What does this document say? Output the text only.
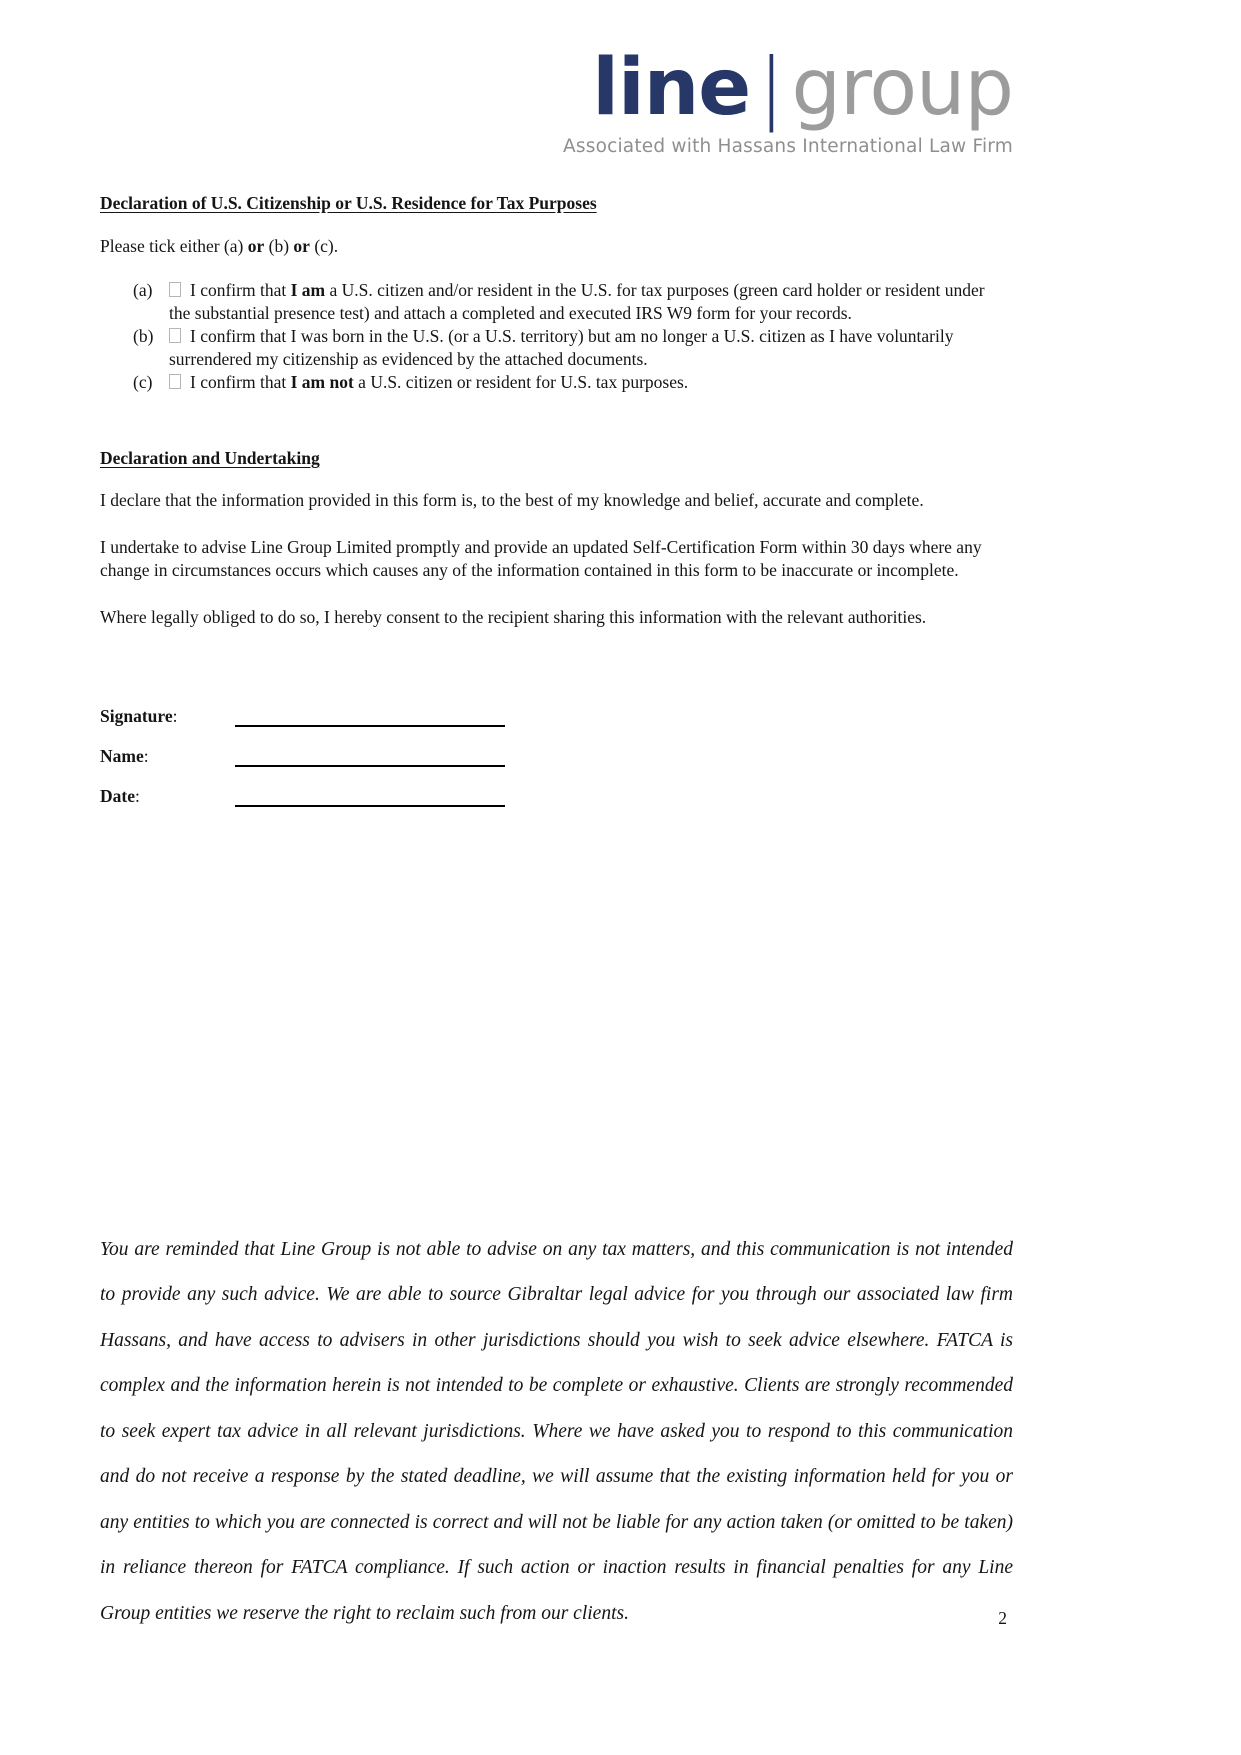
line | group
Associated with Hassans International Law Firm
Declaration of U.S. Citizenship or U.S. Residence for Tax Purposes

Please tick either (a) or (b) or (c).

(a)	I confirm that I am a U.S. citizen and/or resident in the U.S. for tax purposes (green card holder or resident under the substantial presence test) and attach a completed and executed IRS W9 form for your records.
(b)	I confirm that I was born in the U.S. (or a U.S. territory) but am no longer a U.S. citizen as I have voluntarily surrendered my citizenship as evidenced by the attached documents.
(c)	I confirm that I am not a U.S. citizen or resident for U.S. tax purposes.
Declaration and Undertaking

I declare that the information provided in this form is, to the best of my knowledge and belief, accurate and complete.

I undertake to advise Line Group Limited promptly and provide an updated Self-Certification Form within 30 days where any change in circumstances occurs which causes any of the information contained in this form to be inaccurate or incomplete.

Where legally obliged to do so, I hereby consent to the recipient sharing this information with the relevant authorities.

Signature:
Name:
Date:

You are reminded that Line Group is not able to advise on any tax matters, and this communication is not intended to provide any such advice. We are able to source Gibraltar legal advice for you through our associated law firm Hassans, and have access to advisers in other jurisdictions should you wish to seek advice elsewhere. FATCA is complex and the information herein is not intended to be complete or exhaustive. Clients are strongly recommended to seek expert tax advice in all relevant jurisdictions. Where we have asked you to respond to this communication and do not receive a response by the stated deadline, we will assume that the existing information held for you or any entities to which you are connected is correct and will not be liable for any action taken (or omitted to be taken) in reliance thereon for FATCA compliance. If such action or inaction results in financial penalties for any Line Group entities we reserve the right to reclaim such from our clients.	2
